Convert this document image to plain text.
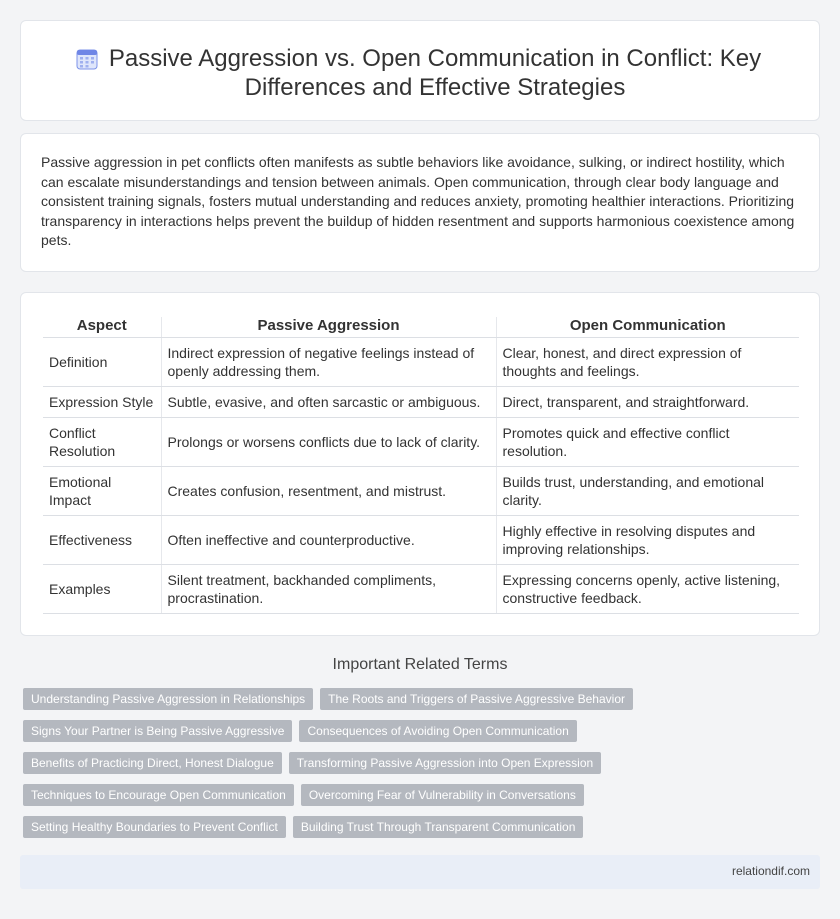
Passive Aggression vs. Open Communication in Conflict: Key Differences and Effective Strategies

Passive aggression in pet conflicts often manifests as subtle behaviors like avoidance, sulking, or indirect hostility, which can escalate misunderstandings and tension between animals. Open communication, through clear body language and consistent training signals, fosters mutual understanding and reduces anxiety, promoting healthier interactions. Prioritizing transparency in interactions helps prevent the buildup of hidden resentment and supports harmonious coexistence among pets.

Aspect	Passive Aggression	Open Communication
Definition	Indirect expression of negative feelings instead of openly addressing them.	Clear, honest, and direct expression of thoughts and feelings.
Expression Style	Subtle, evasive, and often sarcastic or ambiguous.	Direct, transparent, and straightforward.
Conflict Resolution	Prolongs or worsens conflicts due to lack of clarity.	Promotes quick and effective conflict resolution.
Emotional Impact	Creates confusion, resentment, and mistrust.	Builds trust, understanding, and emotional clarity.
Effectiveness	Often ineffective and counterproductive.	Highly effective in resolving disputes and improving relationships.
Examples	Silent treatment, backhanded compliments, procrastination.	Expressing concerns openly, active listening, constructive feedback.
Important Related Terms
Understanding Passive Aggression in Relationships	The Roots and Triggers of Passive Aggressive Behavior
Signs Your Partner is Being Passive Aggressive	Consequences of Avoiding Open Communication
Benefits of Practicing Direct, Honest Dialogue	Transforming Passive Aggression into Open Expression
Techniques to Encourage Open Communication	Overcoming Fear of Vulnerability in Conversations
Setting Healthy Boundaries to Prevent Conflict	Building Trust Through Transparent Communication
relationdif.com
